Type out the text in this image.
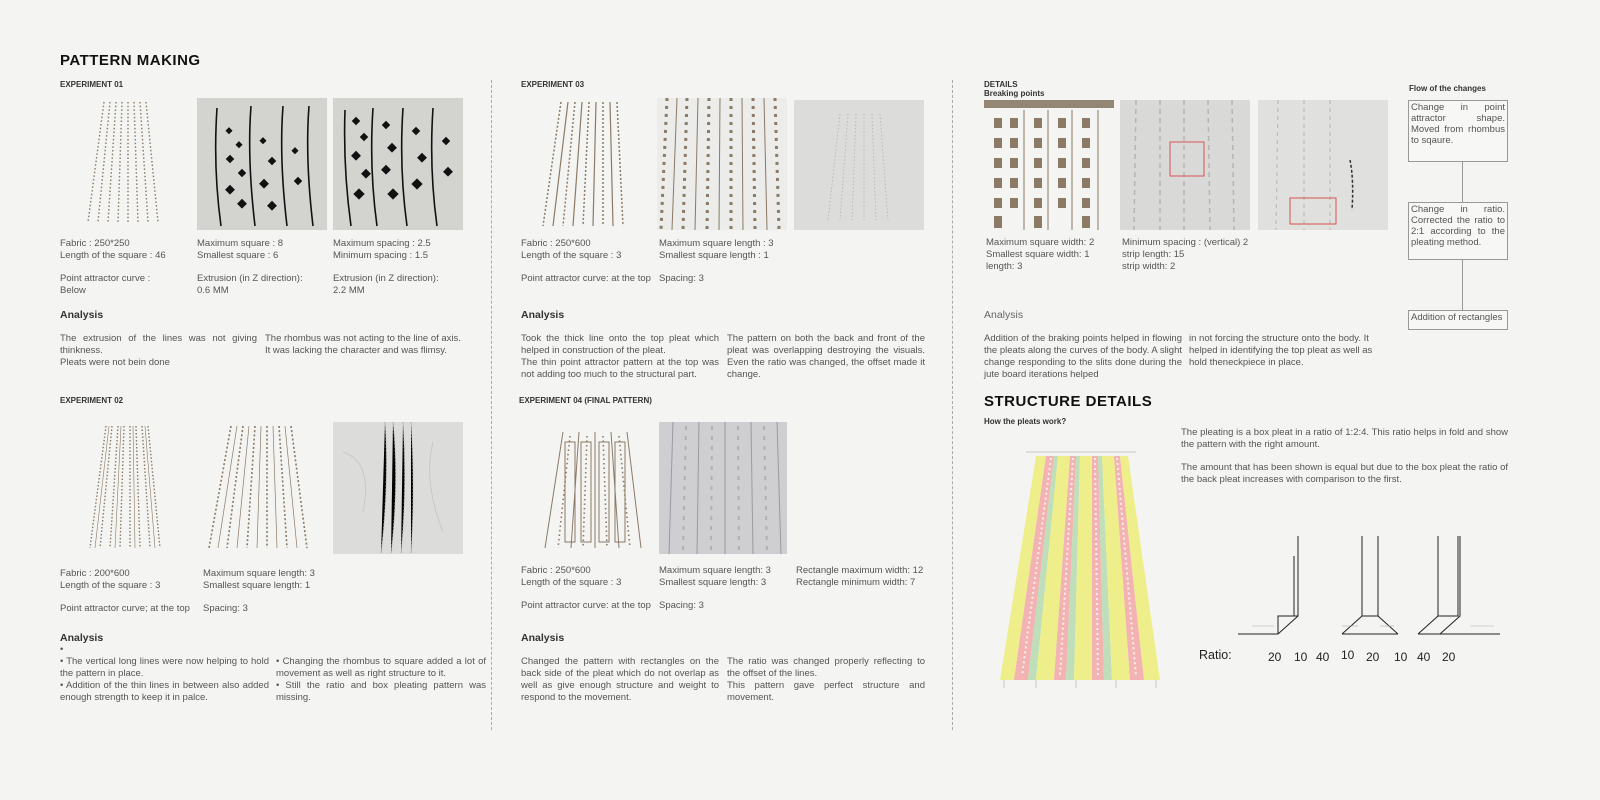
PATTERN MAKING
EXPERIMENT 01
Fabric : 250*250
Length of the square : 46
Maximum square : 8
Smallest square : 6
Maximum spacing : 2.5
Minimum spacing : 1.5
Point attractor curve :
Below
Extrusion (in Z direction):
0.6 MM
Extrusion (in Z direction):
2.2 MM
Analysis
The extrusion of the lines was not giving thinkness.
Pleats were not bein done
The rhombus was not acting to the line of axis.
It was lacking the character and was flimsy.
EXPERIMENT 02
Fabric : 200*600
Length of the square : 3
Maximum square length: 3
Smallest square length: 1
Point attractor curve; at the top	Spacing: 3
Analysis
•
• The vertical long lines were now helping to hold the pattern in place.
• Addition of the thin lines in between also added enough strength to keep it in palce.
• Changing the rhombus to square added a lot of movement as well as right structure to it.
• Still the ratio and box pleating pattern was missing.
EXPERIMENT 03
Fabric : 250*600
Length of the square : 3
Maximum square length : 3
Smallest square length : 1
Point attractor curve: at the top Spacing: 3
Analysis
Took the thick line onto the top pleat which helped in construction of the pleat.
The thin point attractor pattern at the top was not adding too much to the structural part.
The pattern on both the back and front of the pleat was overlapping destroying the visuals. Even the ratio was changed, the offset made it change.
EXPERIMENT 04 (FINAL PATTERN)
Fabric : 250*600
Length of the square : 3
Maximum square length: 3
Smallest square length: 3
Rectangle maximum width: 12
Rectangle minimum width: 7
Point attractor curve: at the top Spacing: 3
Analysis
Changed the pattern with rectangles on the back side of the pleat which do not overlap as well as give enough structure and weight to respond to the movement.
The ratio was changed properly reflecting to the offset of the lines.
This pattern gave perfect structure and movement.
DETAILS
Breaking points
Maximum square width: 2
Smallest square width: 1
length: 3
Minimum spacing : (vertical) 2
strip length: 15
strip width: 2
Analysis
Addition of the braking points helped in flowing the pleats along the curves of the body. A slight change responding to the slits done during the jute board iterations helped
in not forcing the structure onto the body. It helped in identifying the top pleat as well as hold theneckpiece in place.
Flow of the changes
Change in point attractor shape. Moved from rhombus to sqaure.
Change in ratio. Corrected the ratio to 2:1 according to the pleating method.
Addition of rectangles
STRUCTURE DETAILS
How the pleats work?
The pleating is a box pleat in a ratio of 1:2:4. This ratio helps in fold and show the pattern with the right amount.
The amount that has been shown is equal but due to the box pleat the ratio of the back pleat increases with comparison to the first.
Ratio:	20 10 40 10 20 10 40 20
